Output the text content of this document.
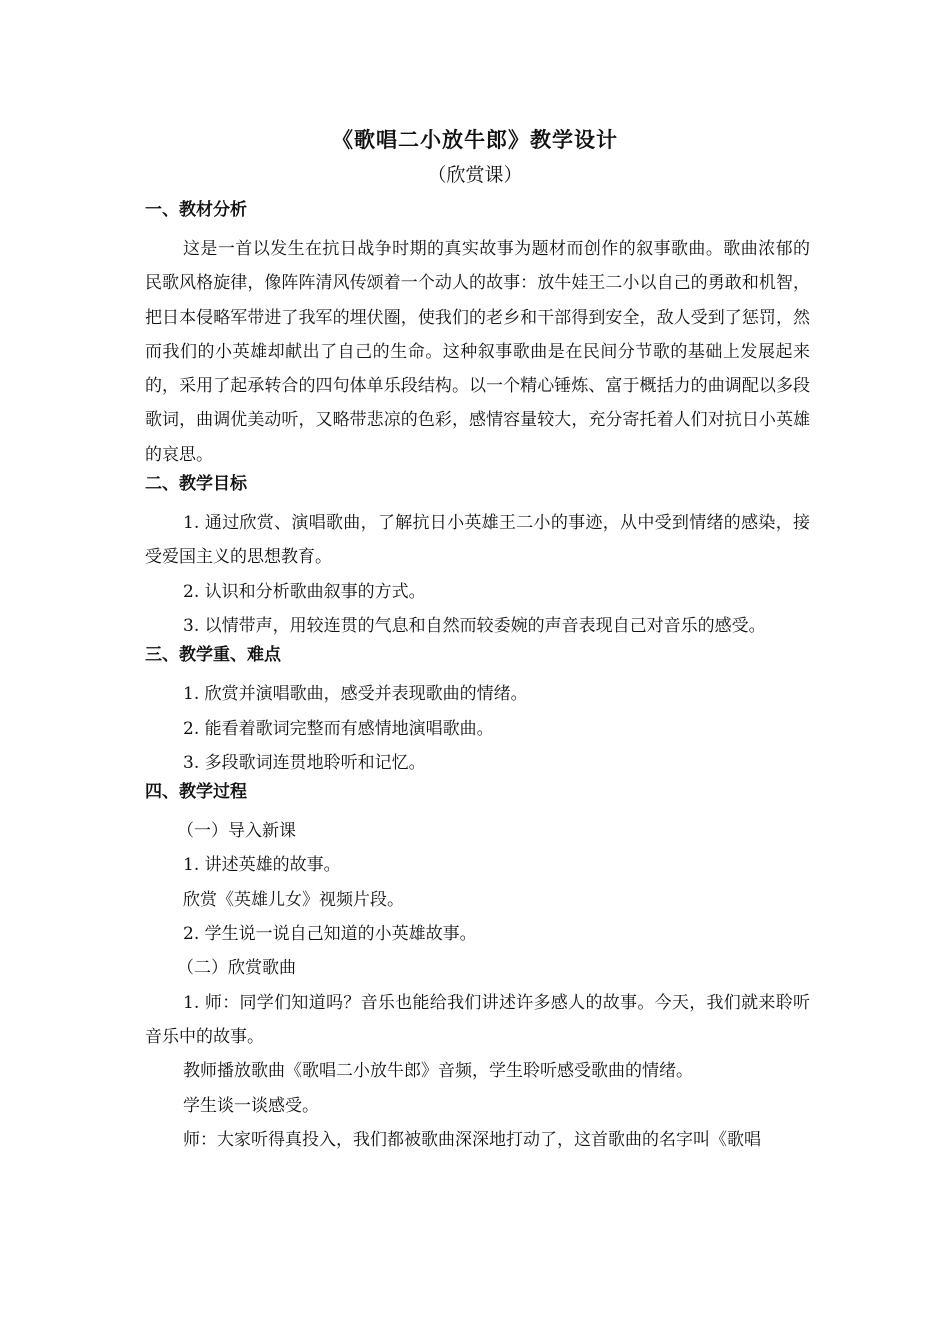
《歌唱二小放牛郎》教学设计
（欣赏课）
一、教材分析
这是一首以发生在抗日战争时期的真实故事为题材而创作的叙事歌曲。歌曲浓郁的民歌风格旋律，像阵阵清风传颂着一个动人的故事：放牛娃王二小以自己的勇敢和机智，把日本侵略军带进了我军的埋伏圈，使我们的老乡和干部得到安全，敌人受到了惩罚，然而我们的小英雄却献出了自己的生命。这种叙事歌曲是在民间分节歌的基础上发展起来的，采用了起承转合的四句体单乐段结构。以一个精心锤炼、富于概括力的曲调配以多段歌词，曲调优美动听，又略带悲凉的色彩，感情容量较大，充分寄托着人们对抗日小英雄的哀思。
二、教学目标
1. 通过欣赏、演唱歌曲，了解抗日小英雄王二小的事迹，从中受到情绪的感染，接受爱国主义的思想教育。
2. 认识和分析歌曲叙事的方式。
3. 以情带声，用较连贯的气息和自然而较委婉的声音表现自己对音乐的感受。
三、教学重、难点
1. 欣赏并演唱歌曲，感受并表现歌曲的情绪。
2. 能看着歌词完整而有感情地演唱歌曲。
3. 多段歌词连贯地聆听和记忆。
四、教学过程
（一）导入新课
1. 讲述英雄的故事。
欣赏《英雄儿女》视频片段。
2. 学生说一说自己知道的小英雄故事。
（二）欣赏歌曲
1. 师：同学们知道吗？音乐也能给我们讲述许多感人的故事。今天，我们就来聆听音乐中的故事。
教师播放歌曲《歌唱二小放牛郎》音频，学生聆听感受歌曲的情绪。
学生谈一谈感受。
师：大家听得真投入，我们都被歌曲深深地打动了，这首歌曲的名字叫《歌唱
